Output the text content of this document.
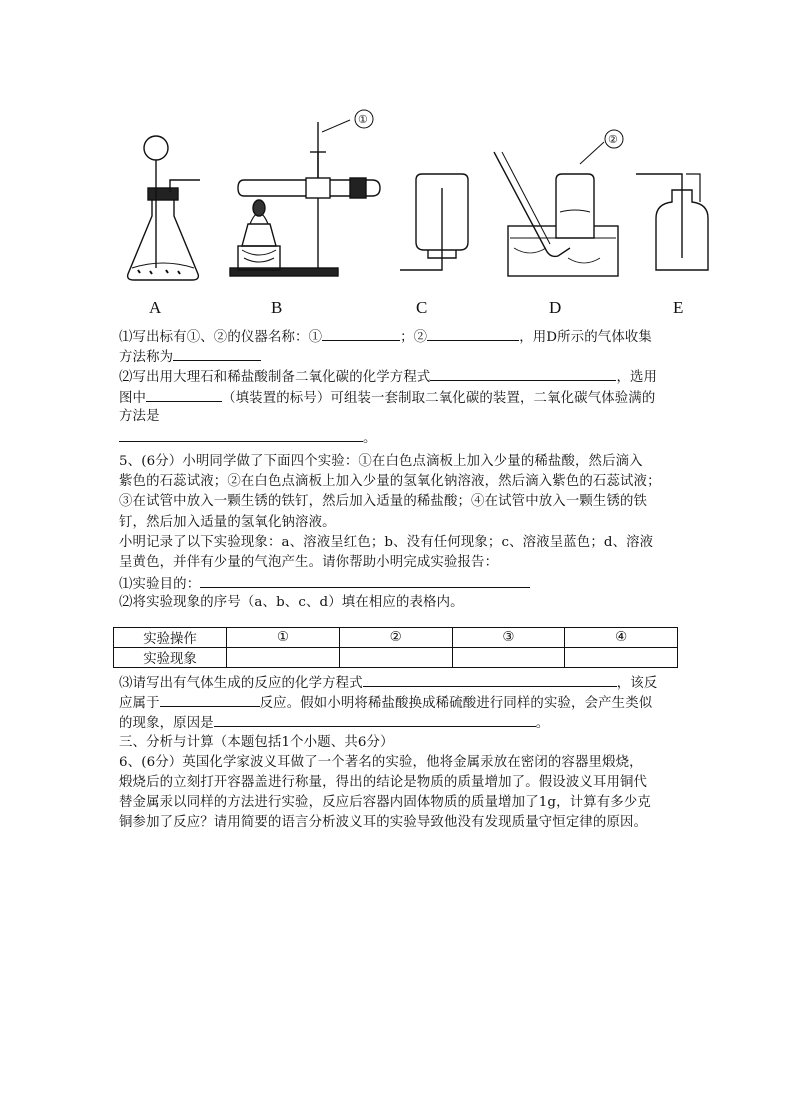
①
②
A	B	C	D	E
⑴写出标有①、②的仪器名称：①	；②	，用D所示的气体收集
方法称为
⑵写出用大理石和稀盐酸制备二氧化碳的化学方程式	，选用
图中	（填装置的标号）可组装一套制取二氧化碳的装置，二氧化碳气体验满的
方法是
。
5、(6分）小明同学做了下面四个实验：①在白色点滴板上加入少量的稀盐酸，然后滴入
紫色的石蕊试液；②在白色点滴板上加入少量的氢氧化钠溶液，然后滴入紫色的石蕊试液；
③在试管中放入一颗生锈的铁钉，然后加入适量的稀盐酸；④在试管中放入一颗生锈的铁
钉，然后加入适量的氢氧化钠溶液。
小明记录了以下实验现象：a、溶液呈红色；b、没有任何现象；c、溶液呈蓝色；d、溶液
呈黄色，并伴有少量的气泡产生。请你帮助小明完成实验报告：
⑴实验目的：
⑵将实验现象的序号（a、b、c、d）填在相应的表格内。
实验操作	①	②	③	④
实验现象				
⑶请写出有气体生成的反应的化学方程式	，该反
应属于	反应。假如小明将稀盐酸换成稀硫酸进行同样的实验，会产生类似
的现象，原因是	。
三、分析与计算（本题包括1个小题、共6分）
6、(6分）英国化学家波义耳做了一个著名的实验，他将金属汞放在密闭的容器里煅烧，
煅烧后的立刻打开容器盖进行称量，得出的结论是物质的质量增加了。假设波义耳用铜代
替金属汞以同样的方法进行实验，反应后容器内固体物质的质量增加了1g，计算有多少克
铜参加了反应？请用简要的语言分析波义耳的实验导致他没有发现质量守恒定律的原因。
